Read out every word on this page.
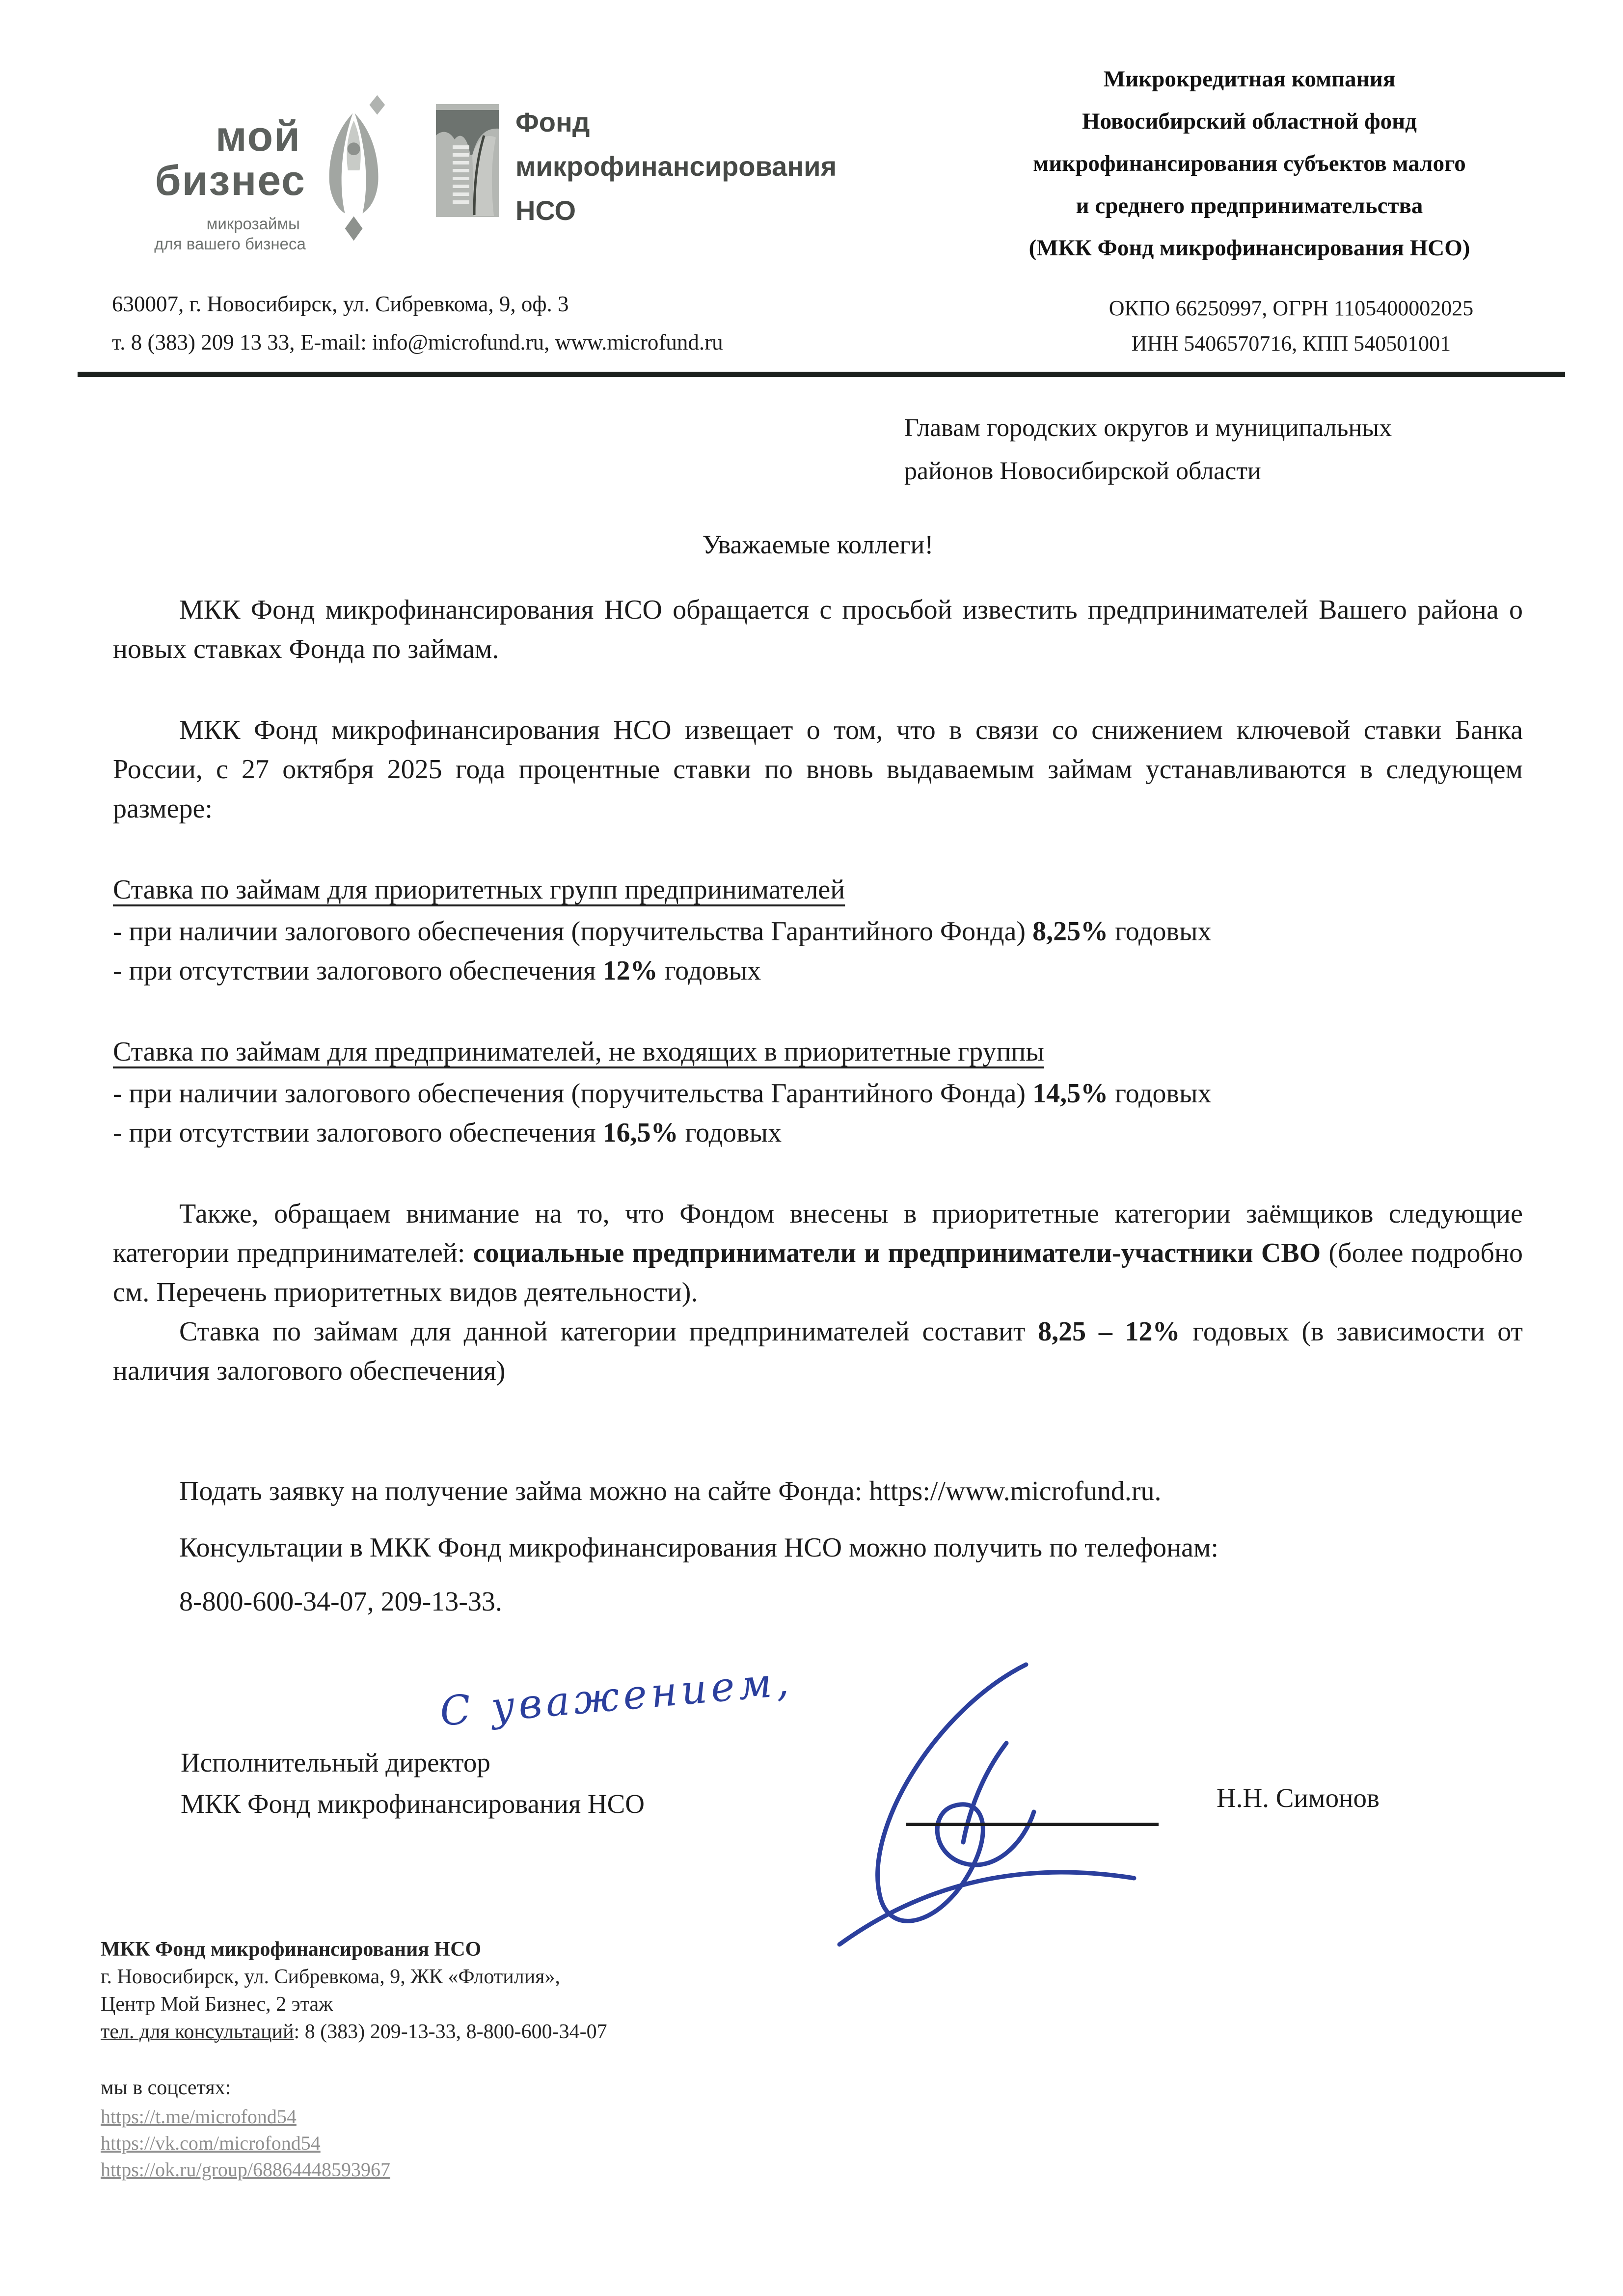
мой
бизнес
микрозаймы
для вашего бизнеса
Фонд
микрофинансирования
НСО
Микрокредитная компания
Новосибирский областной фонд
микрофинансирования субъектов малого
и среднего предпринимательства
(МКК Фонд микрофинансирования НСО)
630007, г. Новосибирск, ул. Сибревкома, 9, оф. 3
т. 8 (383) 209 13 33, E-mail: info@microfund.ru, www.microfund.ru
ОКПО 66250997, ОГРН 1105400002025
ИНН 5406570716, КПП 540501001
Главам городских округов и муниципальных
районов Новосибирской области
Уважаемые коллеги!

МКК Фонд микрофинансирования НСО обращается с просьбой известить предпринимателей Вашего района о новых ставках Фонда по займам.

МКК Фонд микрофинансирования НСО извещает о том, что в связи со снижением ключевой ставки Банка России, с 27 октября 2025 года процентные ставки по вновь выдаваемым займам устанавливаются в следующем размере:

Ставка по займам для приоритетных групп предпринимателей

- при наличии залогового обеспечения (поручительства Гарантийного Фонда) 8,25% годовых

- при отсутствии залогового обеспечения 12% годовых

Ставка по займам для предпринимателей, не входящих в приоритетные группы

- при наличии залогового обеспечения (поручительства Гарантийного Фонда) 14,5% годовых

- при отсутствии залогового обеспечения 16,5% годовых

Также, обращаем внимание на то, что Фондом внесены в приоритетные категории заёмщиков следующие категории предпринимателей: социальные предприниматели и предприниматели-участники СВО (более подробно см. Перечень приоритетных видов деятельности).

Ставка по займам для данной категории предпринимателей составит 8,25 – 12% годовых (в зависимости от наличия залогового обеспечения)

Подать заявку на получение займа можно на сайте Фонда: https://www.microfund.ru.

Консультации в МКК Фонд микрофинансирования НСО можно получить по телефонам:

8-800-600-34-07, 209-13-33.

С уважением,
Исполнительный директор
МКК Фонд микрофинансирования НСО	Н.Н. Симонов
МКК Фонд микрофинансирования НСО
г. Новосибирск, ул. Сибревкома, 9, ЖК «Флотилия»,
Центр Мой Бизнес, 2 этаж
тел. для консультаций: 8 (383) 209-13-33, 8-800-600-34-07
мы в соцсетях:
https://t.me/microfond54
https://vk.com/microfond54
https://ok.ru/group/68864448593967
